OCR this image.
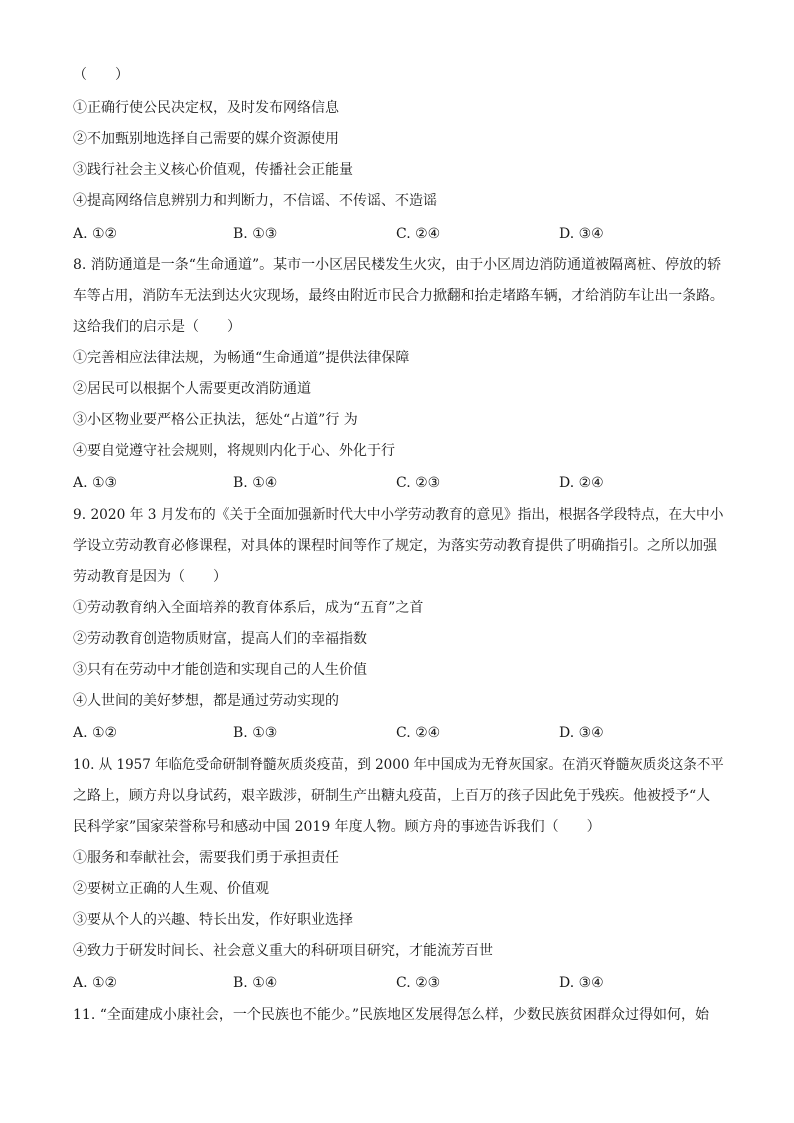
（　　）
①正确行使公民决定权，及时发布网络信息
②不加甄别地选择自己需要的媒介资源使用
③践行社会主义核心价值观，传播社会正能量
④提高网络信息辨别力和判断力，不信谣、不传谣、不造谣
A. ①②	B. ①③	C. ②④	D. ③④
8. 消防通道是一条“生命通道”。某市一小区居民楼发生火灾，由于小区周边消防通道被隔离桩、停放的轿
车等占用，消防车无法到达火灾现场，最终由附近市民合力掀翻和抬走堵路车辆，才给消防车让出一条路。
这给我们的启示是（　　）
①完善相应法律法规，为畅通“生命通道”提供法律保障
②居民可以根据个人需要更改消防通道
③小区物业要严格公正执法，惩处“占道”行 为
④要自觉遵守社会规则，将规则内化于心、外化于行
A. ①③	B. ①④	C. ②③	D. ②④
9. 2020 年 3 月发布的《关于全面加强新时代大中小学劳动教育的意见》指出，根据各学段特点，在大中小
学设立劳动教育必修课程，对具体的课程时间等作了规定，为落实劳动教育提供了明确指引。之所以加强
劳动教育是因为（　　）
①劳动教育纳入全面培养的教育体系后，成为“五育”之首
②劳动教育创造物质财富，提高人们的幸福指数
③只有在劳动中才能创造和实现自己的人生价值
④人世间的美好梦想，都是通过劳动实现的
A. ①②	B. ①③	C. ②④	D. ③④
10. 从 1957 年临危受命研制脊髓灰质炎疫苗，到 2000 年中国成为无脊灰国家。在消灭脊髓灰质炎这条不平
之路上，顾方舟以身试药，艰辛跋涉，研制生产出糖丸疫苗，上百万的孩子因此免于残疾。他被授予“人
民科学家”国家荣誉称号和感动中国 2019 年度人物。顾方舟的事迹告诉我们（　　）
①服务和奉献社会，需要我们勇于承担责任
②要树立正确的人生观、价值观
③要从个人的兴趣、特长出发，作好职业选择
④致力于研发时间长、社会意义重大的科研项目研究，才能流芳百世
A. ①②	B. ①④	C. ②③	D. ③④
11. “全面建成小康社会，一个民族也不能少。”民族地区发展得怎么样，少数民族贫困群众过得如何，始
